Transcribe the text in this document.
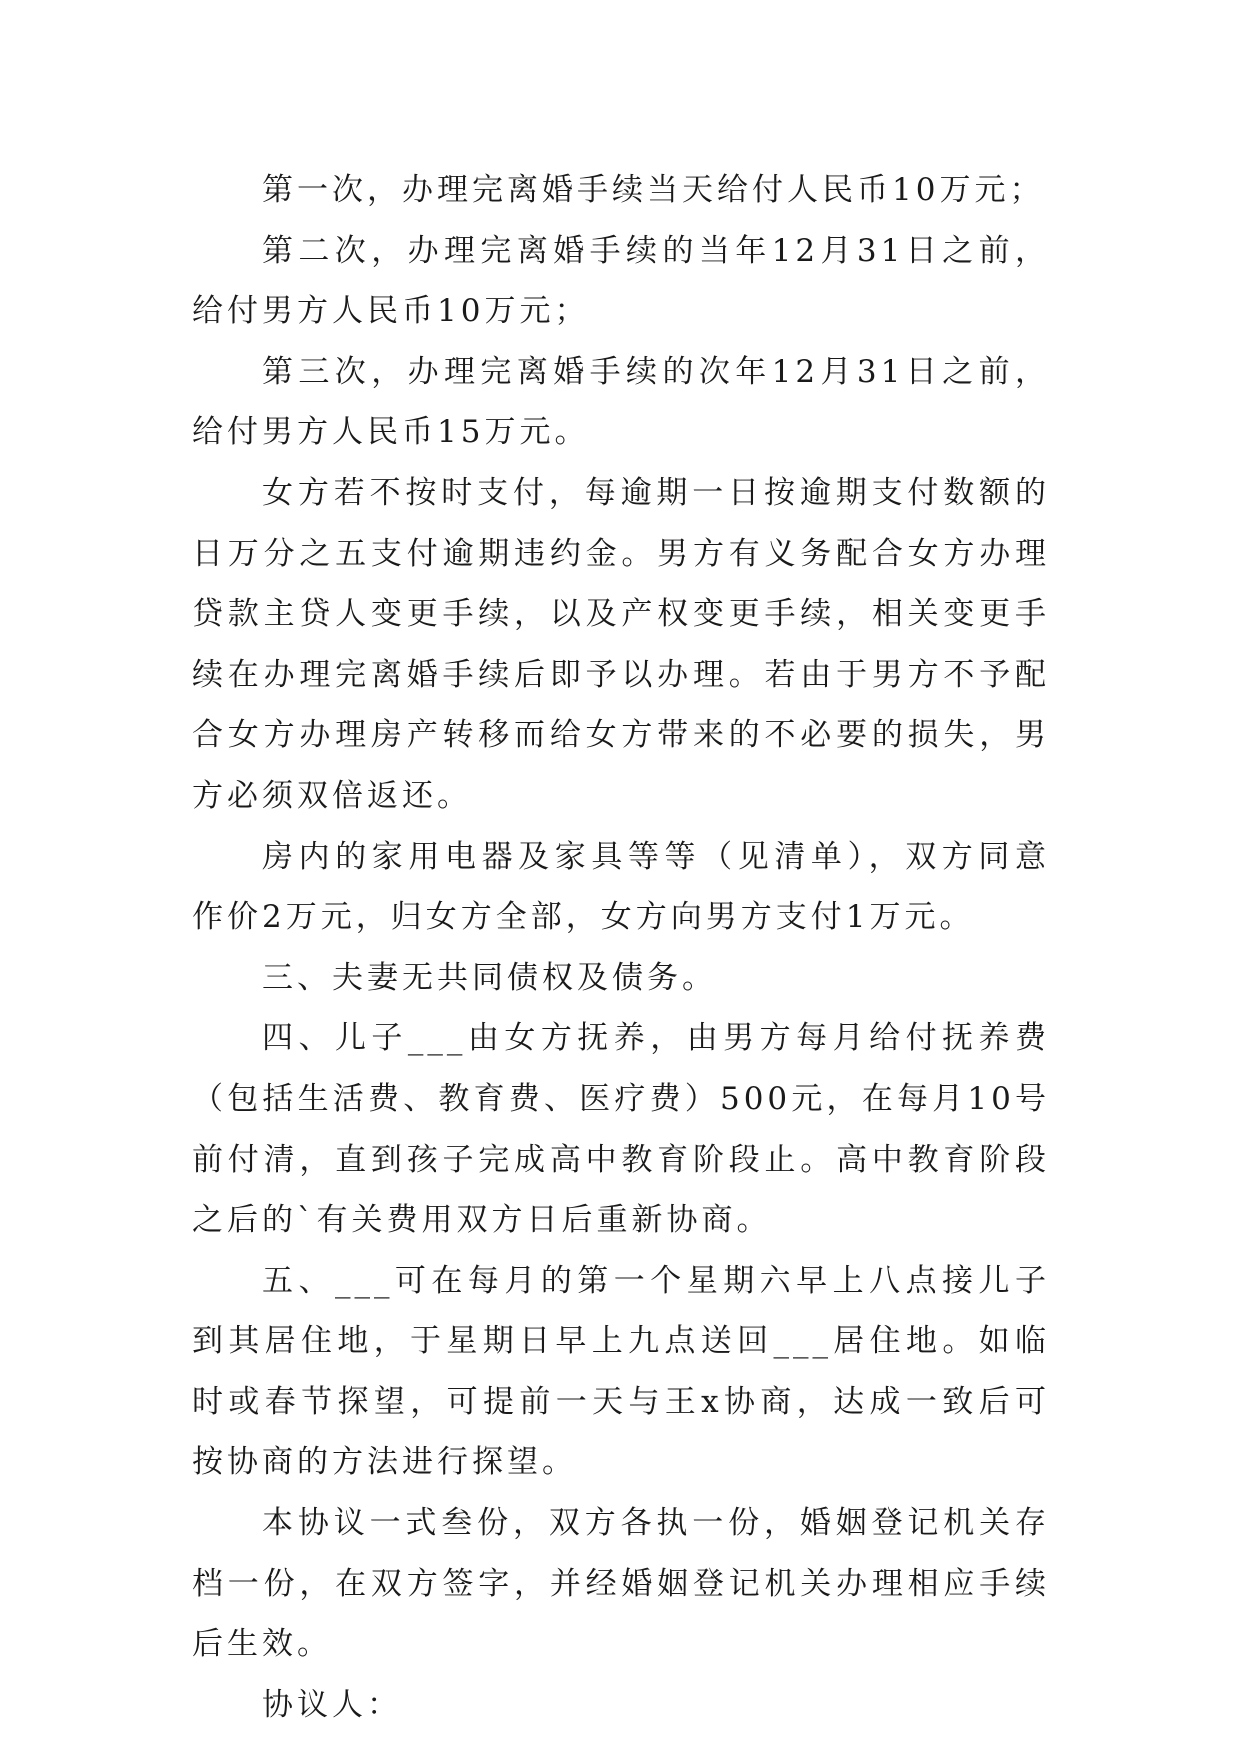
第一次，办理完离婚手续当天给付人民币10万元；

第二次，办理完离婚手续的当年12月31日之前，给付男方人民币10万元；

第三次，办理完离婚手续的次年12月31日之前，给付男方人民币15万元。

女方若不按时支付，每逾期一日按逾期支付数额的日万分之五支付逾期违约金。男方有义务配合女方办理贷款主贷人变更手续，以及产权变更手续，相关变更手续在办理完离婚手续后即予以办理。若由于男方不予配合女方办理房产转移而给女方带来的不必要的损失，男方必须双倍返还。

房内的家用电器及家具等等（见清单），双方同意作价2万元，归女方全部，女方向男方支付1万元。

三、夫妻无共同债权及债务。

四、儿子___由女方抚养，由男方每月给付抚养费（包括生活费、教育费、医疗费）500元，在每月10号前付清，直到孩子完成高中教育阶段止。高中教育阶段之后的`有关费用双方日后重新协商。

五、___可在每月的第一个星期六早上八点接儿子到其居住地，于星期日早上九点送回___居住地。如临时或春节探望，可提前一天与王x协商，达成一致后可按协商的方法进行探望。

本协议一式叁份，双方各执一份，婚姻登记机关存档一份，在双方签字，并经婚姻登记机关办理相应手续后生效。

协议人：
